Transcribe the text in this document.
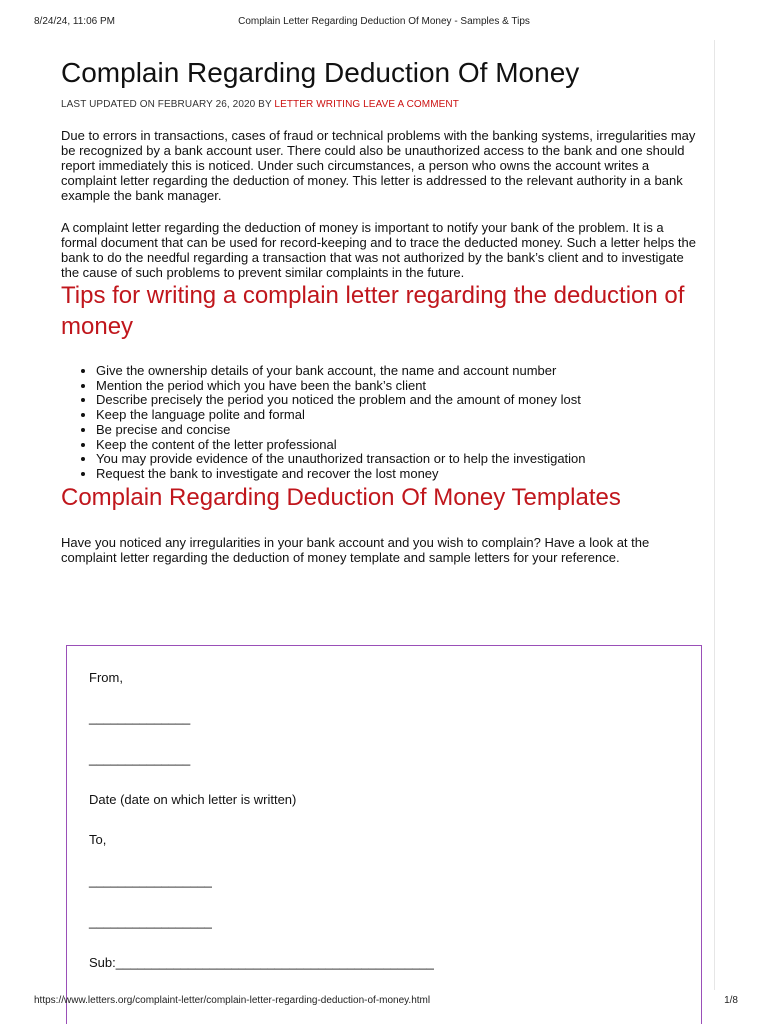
8/24/24, 11:06 PM	Complain Letter Regarding Deduction Of Money - Samples & Tips
Complain Regarding Deduction Of Money
LAST UPDATED ON FEBRUARY 26, 2020 BY LETTER WRITING LEAVE A COMMENT

Due to errors in transactions, cases of fraud or technical problems with the banking systems, irregularities may be recognized by a bank account user. There could also be unauthorized access to the bank and one should report immediately this is noticed. Under such circumstances, a person who owns the account writes a complaint letter regarding the deduction of money. This letter is addressed to the relevant authority in a bank example the bank manager.

A complaint letter regarding the deduction of money is important to notify your bank of the problem. It is a formal document that can be used for record-keeping and to trace the deducted money. Such a letter helps the bank to do the needful regarding a transaction that was not authorized by the bank’s client and to investigate the cause of such problems to prevent similar complaints in the future.

Tips for writing a complain letter regarding the deduction of money
• Give the ownership details of your bank account, the name and account number
• Mention the period which you have been the bank’s client
• Describe precisely the period you noticed the problem and the amount of money lost
• Keep the language polite and formal
• Be precise and concise
• Keep the content of the letter professional
• You may provide evidence of the unauthorized transaction or to help the investigation
• Request the bank to investigate and recover the lost money
Complain Regarding Deduction Of Money Templates

Have you noticed any irregularities in your bank account and you wish to complain? Have a look at the complaint letter regarding the deduction of money template and sample letters for your reference.

From,
______________
______________
Date (date on which letter is written)
To,
_________________
_________________
Sub:____________________________________________
https://www.letters.org/complaint-letter/complain-letter-regarding-deduction-of-money.html	1/8
